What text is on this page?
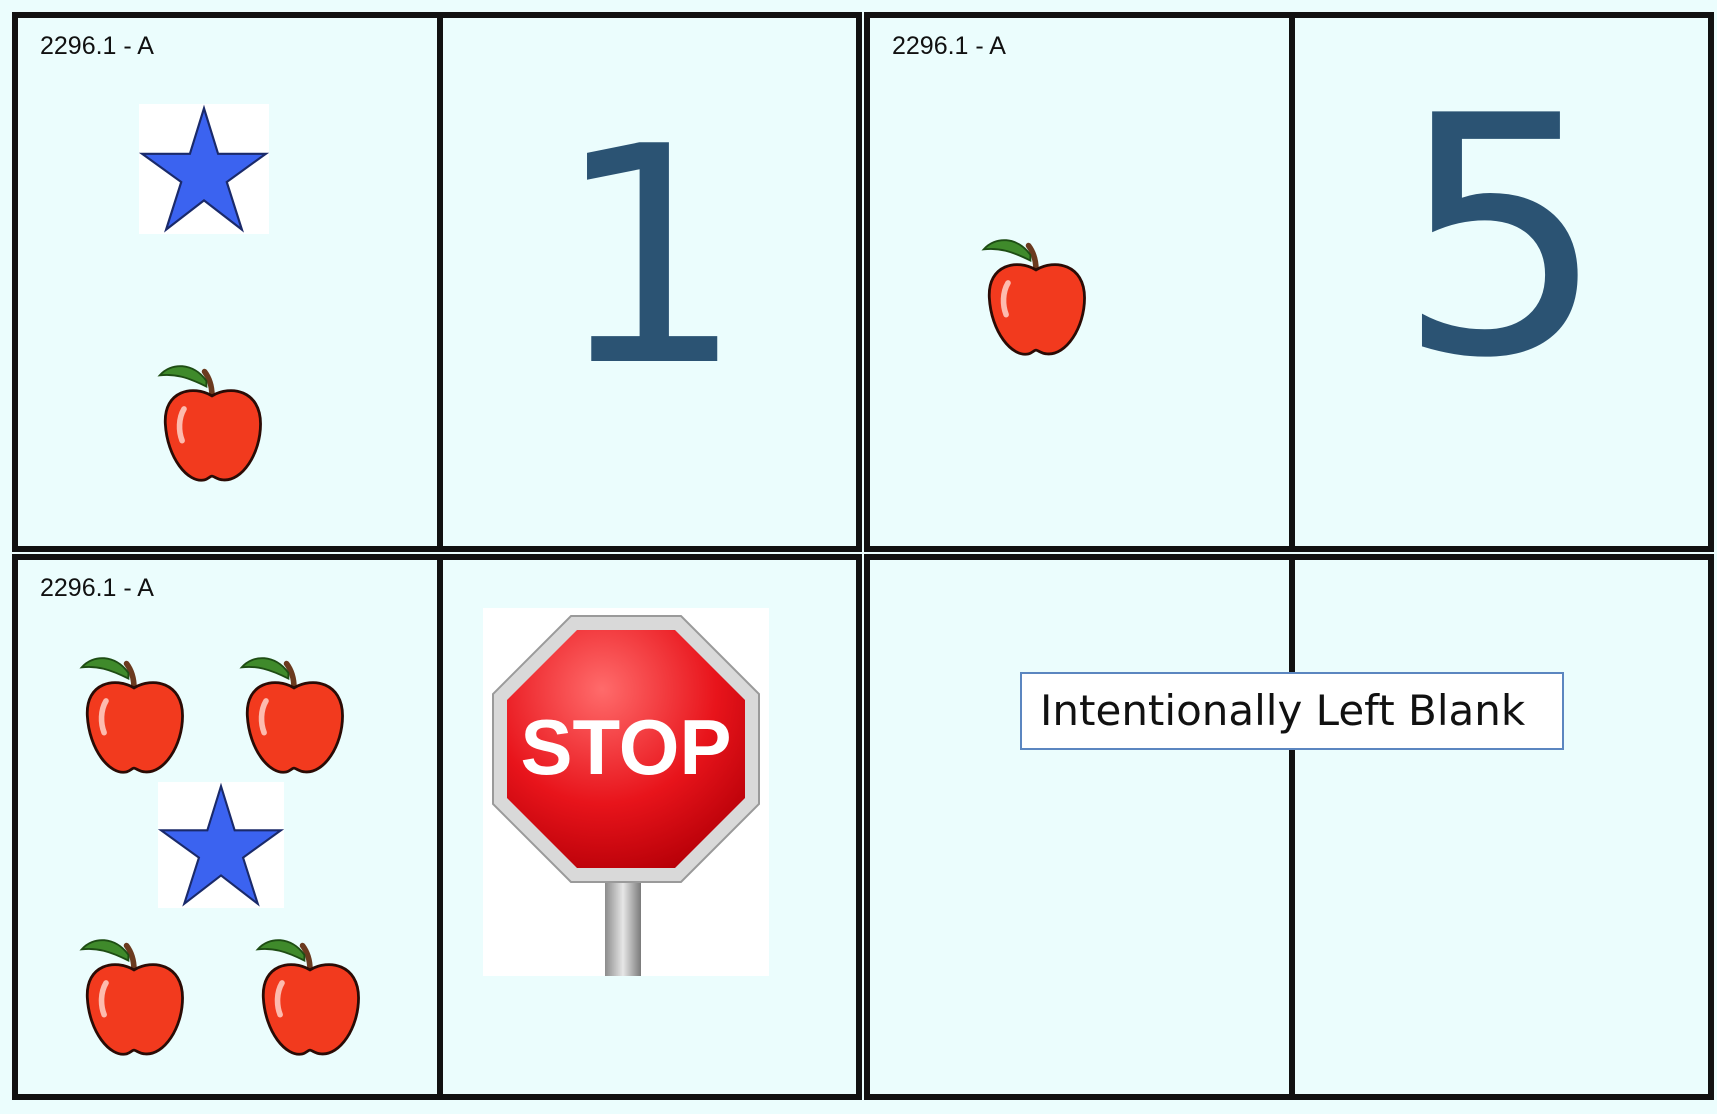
2296.1 - A
1
2296.1 - A	5
2296.1 - A
STOP	Intentionally Left Blank
